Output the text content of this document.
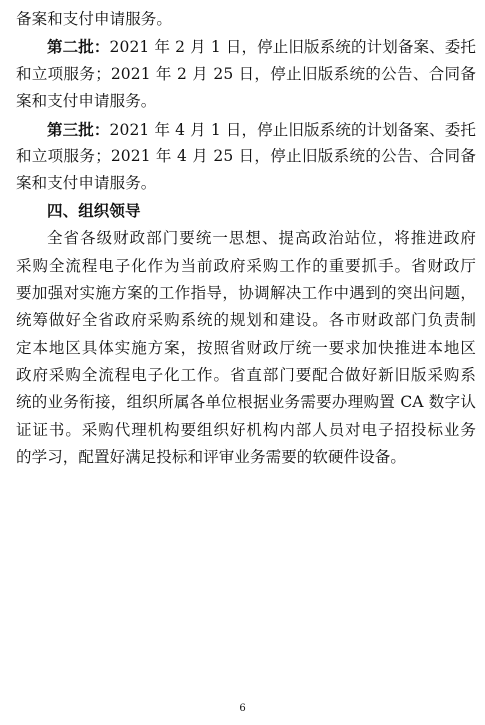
备案和支付申请服务。
第二批：2021 年 2 月 1 日，停止旧版系统的计划备案、委托
和立项服务；2021 年 2 月 25 日，停止旧版系统的公告、合同备
案和支付申请服务。
第三批：2021 年 4 月 1 日，停止旧版系统的计划备案、委托
和立项服务；2021 年 4 月 25 日，停止旧版系统的公告、合同备
案和支付申请服务。
四、组织领导
全省各级财政部门要统一思想、提高政治站位，将推进政府
采购全流程电子化作为当前政府采购工作的重要抓手。省财政厅
要加强对实施方案的工作指导，协调解决工作中遇到的突出问题，
统筹做好全省政府采购系统的规划和建设。各市财政部门负责制
定本地区具体实施方案，按照省财政厅统一要求加快推进本地区
政府采购全流程电子化工作。省直部门要配合做好新旧版采购系
统的业务衔接，组织所属各单位根据业务需要办理购置 CA 数字认
证证书。采购代理机构要组织好机构内部人员对电子招投标业务
的学习，配置好满足投标和评审业务需要的软硬件设备。
6
